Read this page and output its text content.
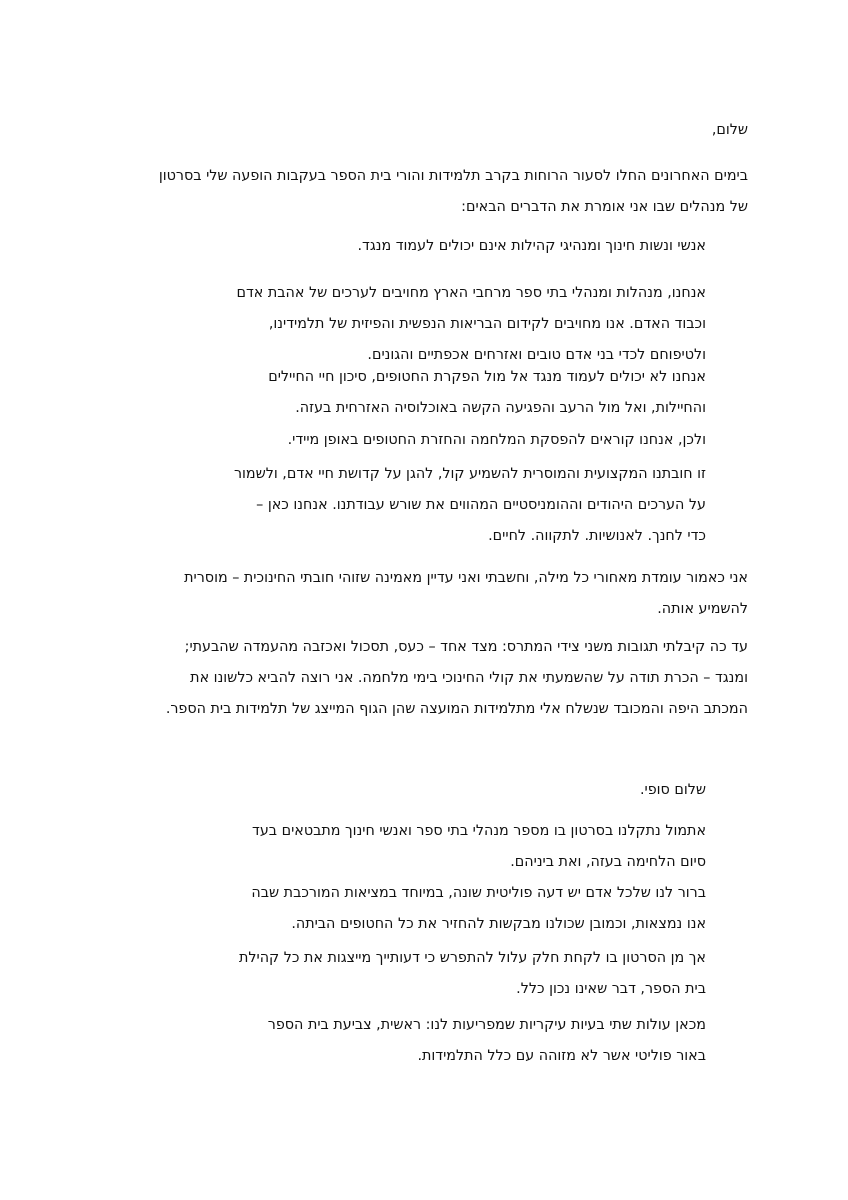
שלום,

בימים האחרונים החלו לסעור הרוחות בקרב תלמידות והורי בית הספר בעקבות הופעה שלי בסרטון
של מנהלים שבו אני אומרת את הדברים הבאים:

אנשי ונשות חינוך ומנהיגי קהילות אינם יכולים לעמוד מנגד.

אנחנו, מנהלות ומנהלי בתי ספר מרחבי הארץ מחויבים לערכים של אהבת אדם
וכבוד האדם. אנו מחויבים לקידום הבריאות הנפשית והפיזית של תלמידינו,
ולטיפוחם לכדי בני אדם טובים ואזרחים אכפתיים והגונים.

אנחנו לא יכולים לעמוד מנגד אל מול הפקרת החטופים, סיכון חיי החיילים
והחיילות, ואל מול הרעב והפגיעה הקשה באוכלוסיה האזרחית בעזה.

ולכן, אנחנו קוראים להפסקת המלחמה והחזרת החטופים באופן מיידי.

זו חובתנו המקצועית והמוסרית להשמיע קול, להגן על קדושת חיי אדם, ולשמור
על הערכים היהודים וההומניסטיים המהווים את שורש עבודתנו. אנחנו כאן –
כדי לחנך. לאנושיות. לתקווה. לחיים.

אני כאמור עומדת מאחורי כל מילה, וחשבתי ואני עדיין מאמינה שזוהי חובתי החינוכית – מוסרית
להשמיע אותה.

עד כה קיבלתי תגובות משני צידי המתרס: מצד אחד – כעס, תסכול ואכזבה מהעמדה שהבעתי;
ומנגד – הכרת תודה על שהשמעתי את קולי החינוכי בימי מלחמה. אני רוצה להביא כלשונו את
המכתב היפה והמכובד שנשלח אלי מתלמידות המועצה שהן הגוף המייצג של תלמידות בית הספר.

שלום סופי.

אתמול נתקלנו בסרטון בו מספר מנהלי בתי ספר ואנשי חינוך מתבטאים בעד
סיום הלחימה בעזה, ואת ביניהם.

ברור לנו שלכל אדם יש דעה פוליטית שונה, במיוחד במציאות המורכבת שבה
אנו נמצאות, וכמובן שכולנו מבקשות להחזיר את כל החטופים הביתה.

אך מן הסרטון בו לקחת חלק עלול להתפרש כי דעותייך מייצגות את כל קהילת
בית הספר, דבר שאינו נכון כלל.

מכאן עולות שתי בעיות עיקריות שמפריעות לנו: ראשית, צביעת בית הספר
באור פוליטי אשר לא מזוהה עם כלל התלמידות.
